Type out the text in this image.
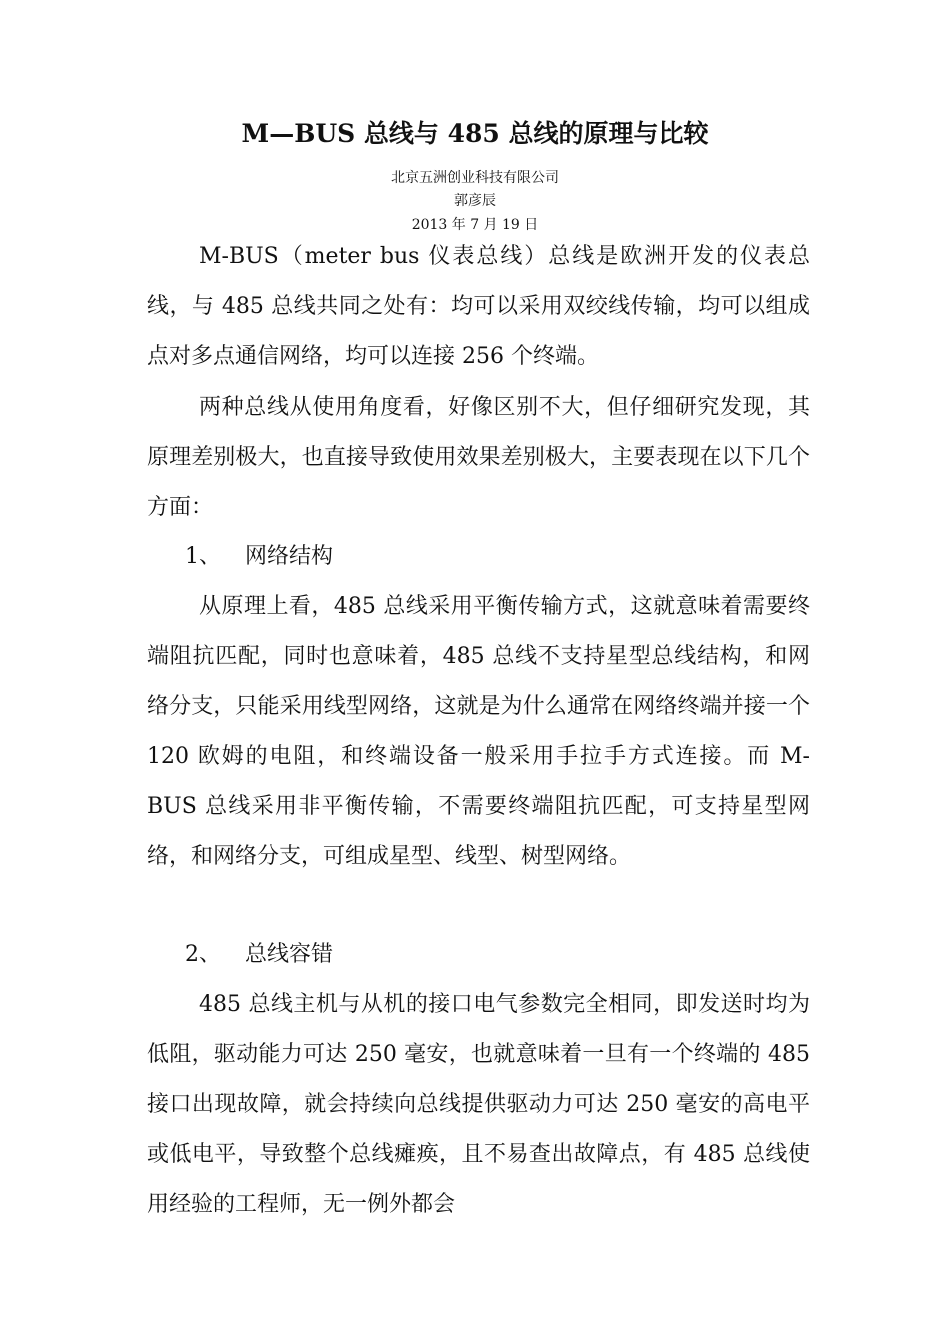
M—BUS 总线与 485 总线的原理与比较
北京五洲创业科技有限公司
郭彦辰
2013 年 7 月 19 日

M-BUS（meter bus 仪表总线）总线是欧洲开发的仪表总线，与 485 总线共同之处有：均可以采用双绞线传输，均可以组成点对多点通信网络，均可以连接 256 个终端。

两种总线从使用角度看，好像区别不大，但仔细研究发现，其原理差别极大，也直接导致使用效果差别极大，主要表现在以下几个方面：

1、 网络结构

从原理上看，485 总线采用平衡传输方式，这就意味着需要终端阻抗匹配，同时也意味着，485 总线不支持星型总线结构，和网络分支，只能采用线型网络，这就是为什么通常在网络终端并接一个 120 欧姆的电阻，和终端设备一般采用手拉手方式连接。而 M-BUS 总线采用非平衡传输，不需要终端阻抗匹配，可支持星型网络，和网络分支，可组成星型、线型、树型网络。

2、 总线容错

485 总线主机与从机的接口电气参数完全相同，即发送时均为低阻，驱动能力可达 250 毫安，也就意味着一旦有一个终端的 485 接口出现故障，就会持续向总线提供驱动力可达 250 毫安的高电平或低电平，导致整个总线瘫痪，且不易查出故障点，有 485 总线使用经验的工程师，无一例外都会
